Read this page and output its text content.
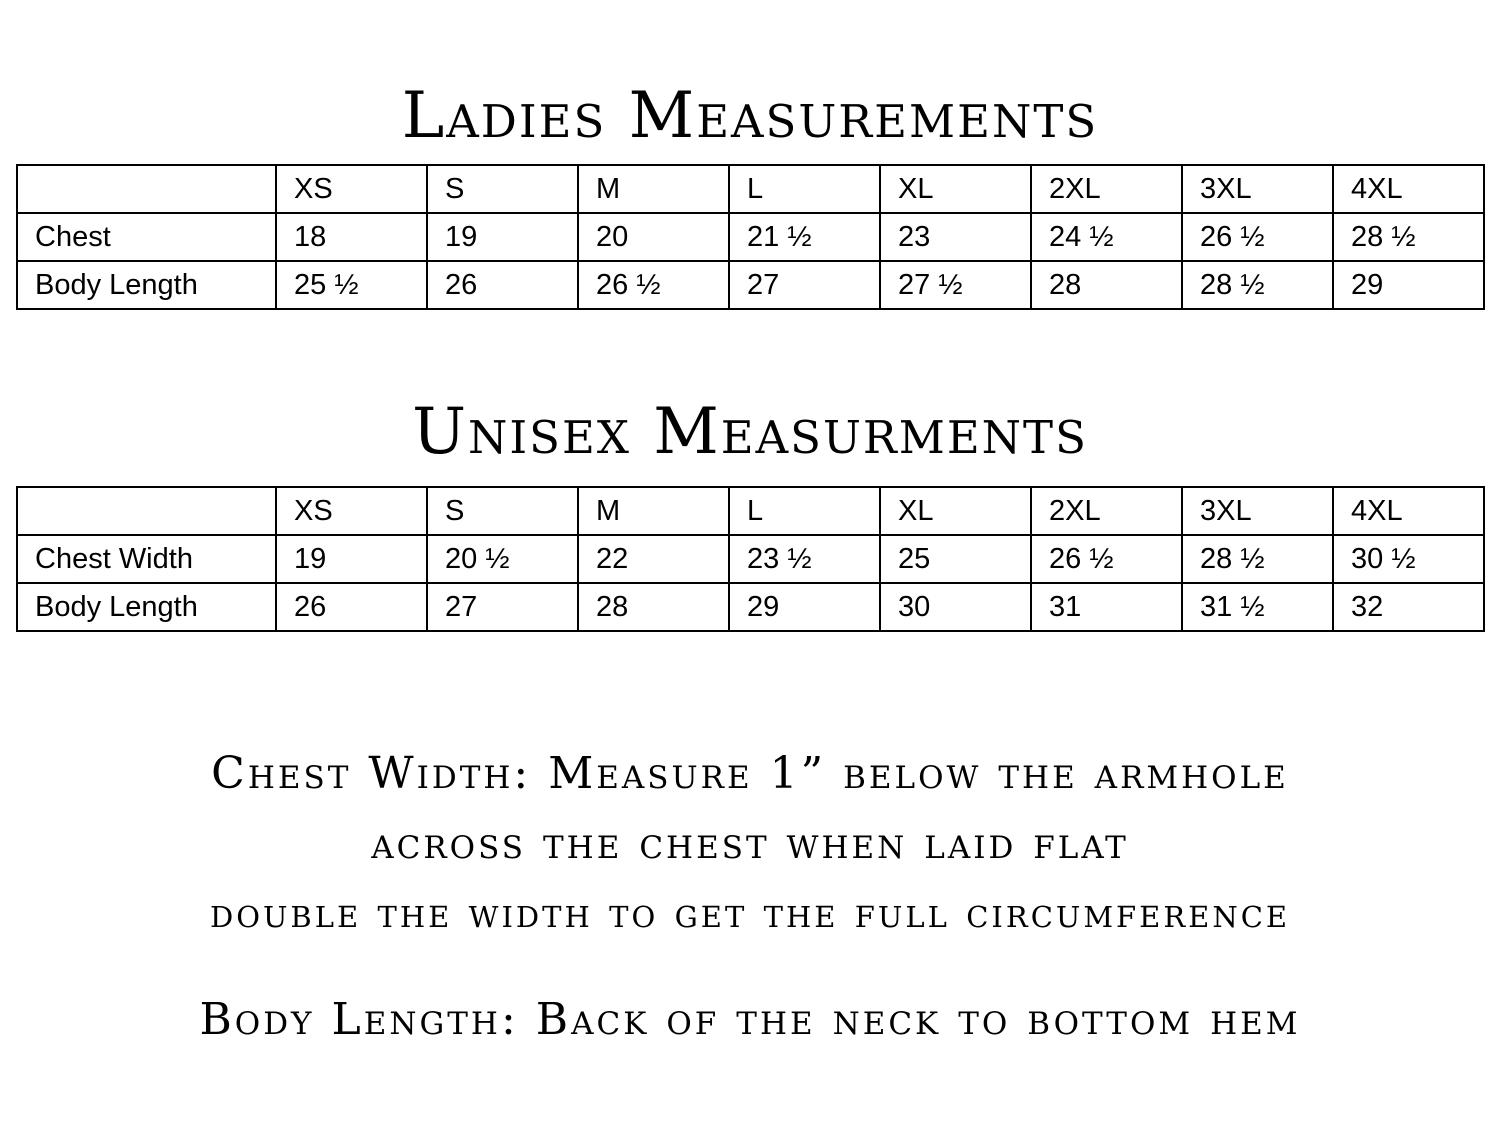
Ladies Measurements
	XS	S	M	L	XL	2XL	3XL	4XL
Chest	18	19	20	21 ½	23	24 ½	26 ½	28 ½
Body Length	25 ½	26	26 ½	27	27 ½	28	28 ½	29
Unisex Measurments
	XS	S	M	L	XL	2XL	3XL	4XL
Chest Width	19	20 ½	22	23 ½	25	26 ½	28 ½	30 ½
Body Length	26	27	28	29	30	31	31 ½	32

Chest Width: Measure 1” below the armhole

across the chest when laid flat

double the width to get the full circumference

Body Length: Back of the neck to bottom hem
